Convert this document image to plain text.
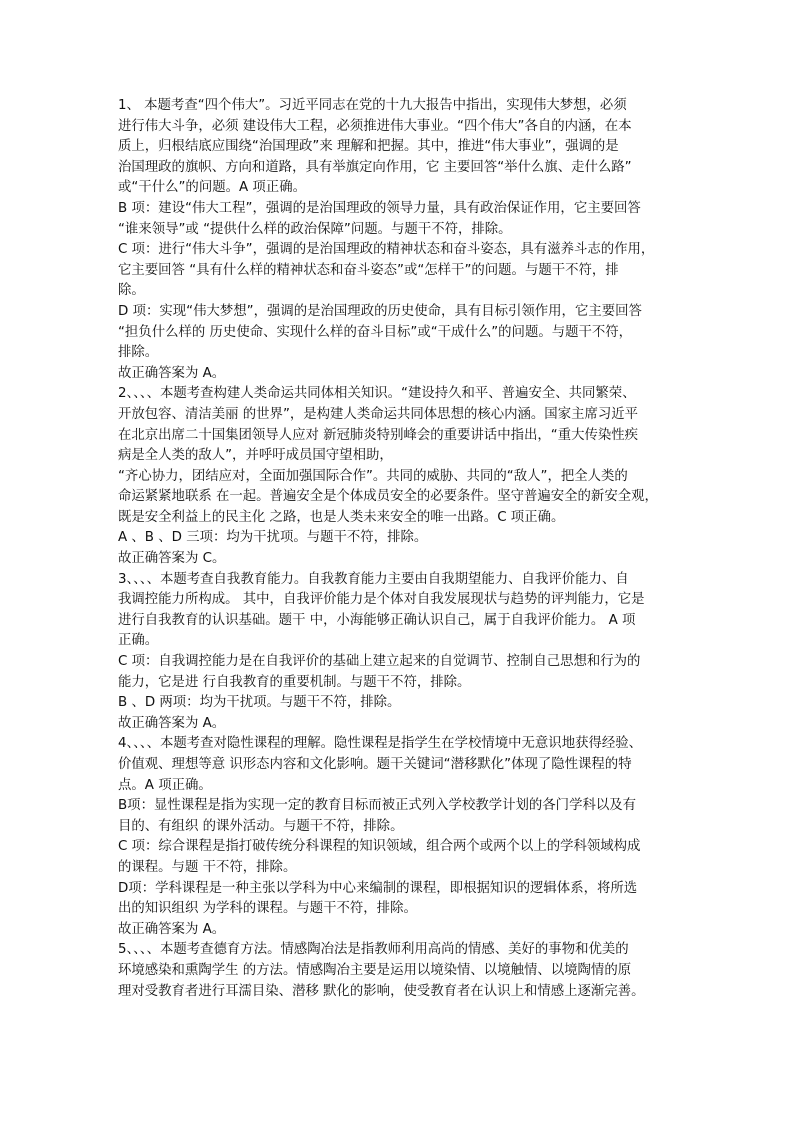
1、 本题考查“四个伟大”。习近平同志在党的十九大报告中指出，实现伟大梦想，必须
进行伟大斗争，必须 建设伟大工程，必须推进伟大事业。“四个伟大”各自的内涵，在本
质上，归根结底应围绕“治国理政”来 理解和把握。其中，推进“伟大事业”，强调的是
治国理政的旗帜、方向和道路，具有举旗定向作用，它 主要回答“举什么旗、走什么路”
或“干什么”的问题。A 项正确。
B 项：建设“伟大工程”，强调的是治国理政的领导力量，具有政治保证作用，它主要回答
“谁来领导”或 “提供什么样的政治保障”问题。与题干不符，排除。
C 项：进行“伟大斗争”，强调的是治国理政的精神状态和奋斗姿态，具有滋养斗志的作用，
它主要回答 “具有什么样的精神状态和奋斗姿态”或“怎样干”的问题。与题干不符，排
除。
D 项：实现“伟大梦想”，强调的是治国理政的历史使命，具有目标引领作用，它主要回答
“担负什么样的 历史使命、实现什么样的奋斗目标”或“干成什么”的问题。与题干不符，
排除。
故正确答案为 A。
2、、、、本题考查构建人类命运共同体相关知识。“建设持久和平、普遍安全、共同繁荣、
开放包容、清洁美丽 的世界”，是构建人类命运共同体思想的核心内涵。国家主席习近平
在北京出席二十国集团领导人应对 新冠肺炎特别峰会的重要讲话中指出，“重大传染性疾
病是全人类的敌人”，并呼吁成员国守望相助，
“齐心协力，团结应对，全面加强国际合作”。共同的威胁、共同的“敌人”，把全人类的
命运紧紧地联系 在一起。普遍安全是个体成员安全的必要条件。坚守普遍安全的新安全观，
既是安全利益上的民主化 之路，也是人类未来安全的唯一出路。C 项正确。
A 、B 、D 三项：均为干扰项。与题干不符，排除。
故正确答案为 C。
3、、、、本题考查自我教育能力。自我教育能力主要由自我期望能力、自我评价能力、自
我调控能力所构成。 其中，自我评价能力是个体对自我发展现状与趋势的评判能力，它是
进行自我教育的认识基础。题干 中，小海能够正确认识自己，属于自我评价能力。 A 项
正确。
C 项：自我调控能力是在自我评价的基础上建立起来的自觉调节、控制自己思想和行为的
能力，它是进 行自我教育的重要机制。与题干不符，排除。
B 、D 两项：均为干扰项。与题干不符，排除。
故正确答案为 A。
4、、、、本题考查对隐性课程的理解。隐性课程是指学生在学校情境中无意识地获得经验、
价值观、理想等意 识形态内容和文化影响。题干关键词“潜移默化”体现了隐性课程的特
点。A 项正确。
B项：显性课程是指为实现一定的教育目标而被正式列入学校教学计划的各门学科以及有
目的、有组织 的课外活动。与题干不符，排除。
C 项：综合课程是指打破传统分科课程的知识领域，组合两个或两个以上的学科领域构成
的课程。与题 干不符，排除。
D项：学科课程是一种主张以学科为中心来编制的课程，即根据知识的逻辑体系，将所选
出的知识组织 为学科的课程。与题干不符，排除。
故正确答案为 A。
5、、、、本题考查德育方法。情感陶冶法是指教师利用高尚的情感、美好的事物和优美的
环境感染和熏陶学生 的方法。情感陶冶主要是运用以境染情、以境触情、以境陶情的原
理对受教育者进行耳濡目染、潜移 默化的影响，使受教育者在认识上和情感上逐渐完善。
